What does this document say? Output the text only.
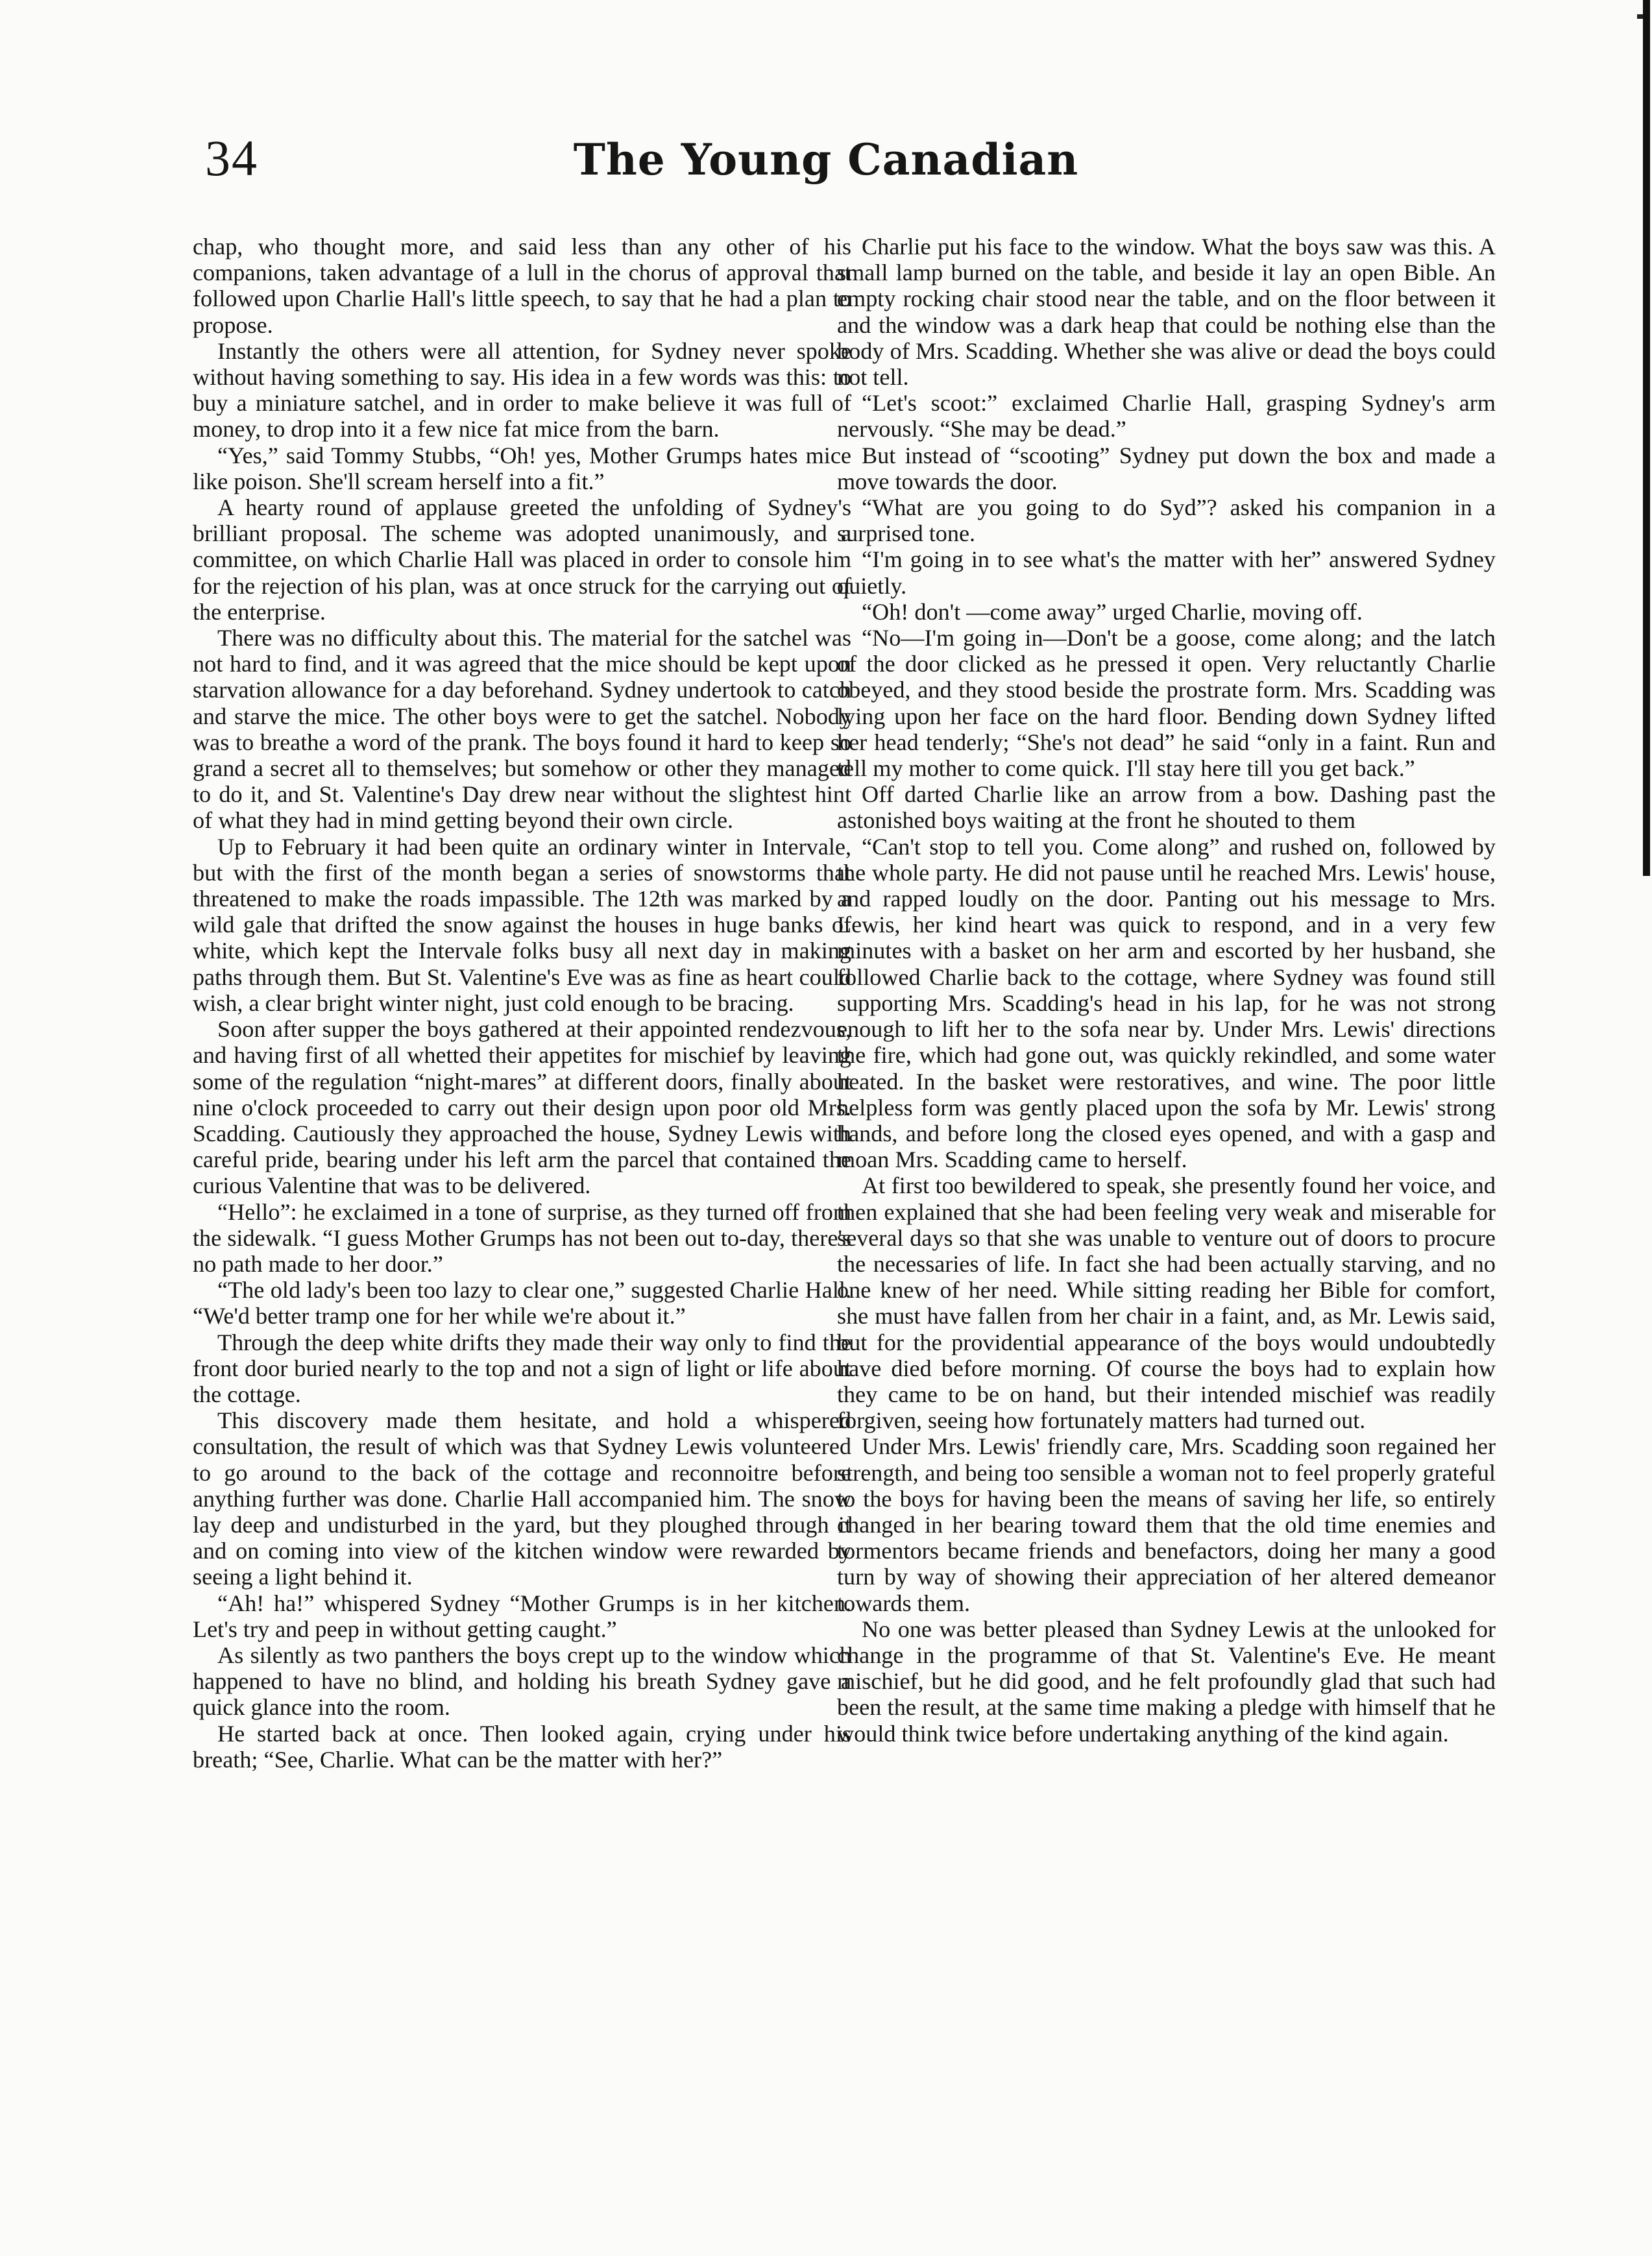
34	The Young Canadian

chap, who thought more, and said less than any other of his companions, taken advantage of a lull in the chorus of approval that followed upon Charlie Hall's little speech, to say that he had a plan to propose.

Instantly the others were all attention, for Sydney never spoke without having something to say. His idea in a few words was this: to buy a miniature satchel, and in order to make believe it was full of money, to drop into it a few nice fat mice from the barn.

“Yes,” said Tommy Stubbs, “Oh! yes, Mother Grumps hates mice like poison. She'll scream herself into a fit.”

A hearty round of applause greeted the unfolding of Sydney's brilliant proposal. The scheme was adopted unanimously, and a committee, on which Charlie Hall was placed in order to console him for the rejection of his plan, was at once struck for the carrying out of the enterprise.

There was no difficulty about this. The material for the satchel was not hard to find, and it was agreed that the mice should be kept upon starvation allowance for a day beforehand. Sydney undertook to catch and starve the mice. The other boys were to get the satchel. Nobody was to breathe a word of the prank. The boys found it hard to keep so grand a secret all to themselves; but somehow or other they managed to do it, and St. Valentine's Day drew near without the slightest hint of what they had in mind getting beyond their own circle.

Up to February it had been quite an ordinary winter in Intervale, but with the first of the month began a series of snowstorms that threatened to make the roads impassible. The 12th was marked by a wild gale that drifted the snow against the houses in huge banks of white, which kept the Intervale folks busy all next day in making paths through them. But St. Valentine's Eve was as fine as heart could wish, a clear bright winter night, just cold enough to be bracing.

Soon after supper the boys gathered at their appointed rendezvous, and having first of all whetted their appetites for mischief by leaving some of the regulation “night-mares” at different doors, finally about nine o'clock proceeded to carry out their design upon poor old Mrs. Scadding. Cautiously they approached the house, Sydney Lewis with careful pride, bearing under his left arm the parcel that contained the curious Valentine that was to be delivered.

“Hello”: he exclaimed in a tone of surprise, as they turned off from the sidewalk. “I guess Mother Grumps has not been out to-day, there's no path made to her door.”

“The old lady's been too lazy to clear one,” suggested Charlie Hall. “We'd better tramp one for her while we're about it.”

Through the deep white drifts they made their way only to find the front door buried nearly to the top and not a sign of light or life about the cottage.

This discovery made them hesitate, and hold a whispered consultation, the result of which was that Sydney Lewis volunteered to go around to the back of the cottage and reconnoitre before anything further was done. Charlie Hall accompanied him. The snow lay deep and undisturbed in the yard, but they ploughed through it and on coming into view of the kitchen window were rewarded by seeing a light behind it.

“Ah! ha!” whispered Sydney “Mother Grumps is in her kitchen. Let's try and peep in without getting caught.”

As silently as two panthers the boys crept up to the window which happened to have no blind, and holding his breath Sydney gave a quick glance into the room.

He started back at once. Then looked again, crying under his breath; “See, Charlie. What can be the matter with her?”

Charlie put his face to the window. What the boys saw was this. A small lamp burned on the table, and beside it lay an open Bible. An empty rocking chair stood near the table, and on the floor between it and the window was a dark heap that could be nothing else than the body of Mrs. Scadding. Whether she was alive or dead the boys could not tell.

“Let's scoot:” exclaimed Charlie Hall, grasping Sydney's arm nervously. “She may be dead.”

But instead of “scooting” Sydney put down the box and made a move towards the door.

“What are you going to do Syd”? asked his companion in a surprised tone.

“I'm going in to see what's the matter with her” answered Sydney quietly.

“Oh! don't —come away” urged Charlie, moving off.

“No—I'm going in—Don't be a goose, come along; and the latch of the door clicked as he pressed it open. Very reluctantly Charlie obeyed, and they stood beside the prostrate form. Mrs. Scadding was lying upon her face on the hard floor. Bending down Sydney lifted her head tenderly; “She's not dead” he said “only in a faint. Run and tell my mother to come quick. I'll stay here till you get back.”

Off darted Charlie like an arrow from a bow. Dashing past the astonished boys waiting at the front he shouted to them

“Can't stop to tell you. Come along” and rushed on, followed by the whole party. He did not pause until he reached Mrs. Lewis' house, and rapped loudly on the door. Panting out his message to Mrs. Lewis, her kind heart was quick to respond, and in a very few minutes with a basket on her arm and escorted by her husband, she followed Charlie back to the cottage, where Sydney was found still supporting Mrs. Scadding's head in his lap, for he was not strong enough to lift her to the sofa near by. Under Mrs. Lewis' directions the fire, which had gone out, was quickly rekindled, and some water heated. In the basket were restoratives, and wine. The poor little helpless form was gently placed upon the sofa by Mr. Lewis' strong hands, and before long the closed eyes opened, and with a gasp and moan Mrs. Scadding came to herself.

At first too bewildered to speak, she presently found her voice, and then explained that she had been feeling very weak and miserable for several days so that she was unable to venture out of doors to procure the necessaries of life. In fact she had been actually starving, and no one knew of her need. While sitting reading her Bible for comfort, she must have fallen from her chair in a faint, and, as Mr. Lewis said, but for the providential appearance of the boys would undoubtedly have died before morning. Of course the boys had to explain how they came to be on hand, but their intended mischief was readily forgiven, seeing how fortunately matters had turned out.

Under Mrs. Lewis' friendly care, Mrs. Scadding soon regained her strength, and being too sensible a woman not to feel properly grateful to the boys for having been the means of saving her life, so entirely changed in her bearing toward them that the old time enemies and tormentors became friends and benefactors, doing her many a good turn by way of showing their appreciation of her altered demeanor towards them.

No one was better pleased than Sydney Lewis at the unlooked for change in the programme of that St. Valentine's Eve. He meant mischief, but he did good, and he felt profoundly glad that such had been the result, at the same time making a pledge with himself that he would think twice before undertaking anything of the kind again.
